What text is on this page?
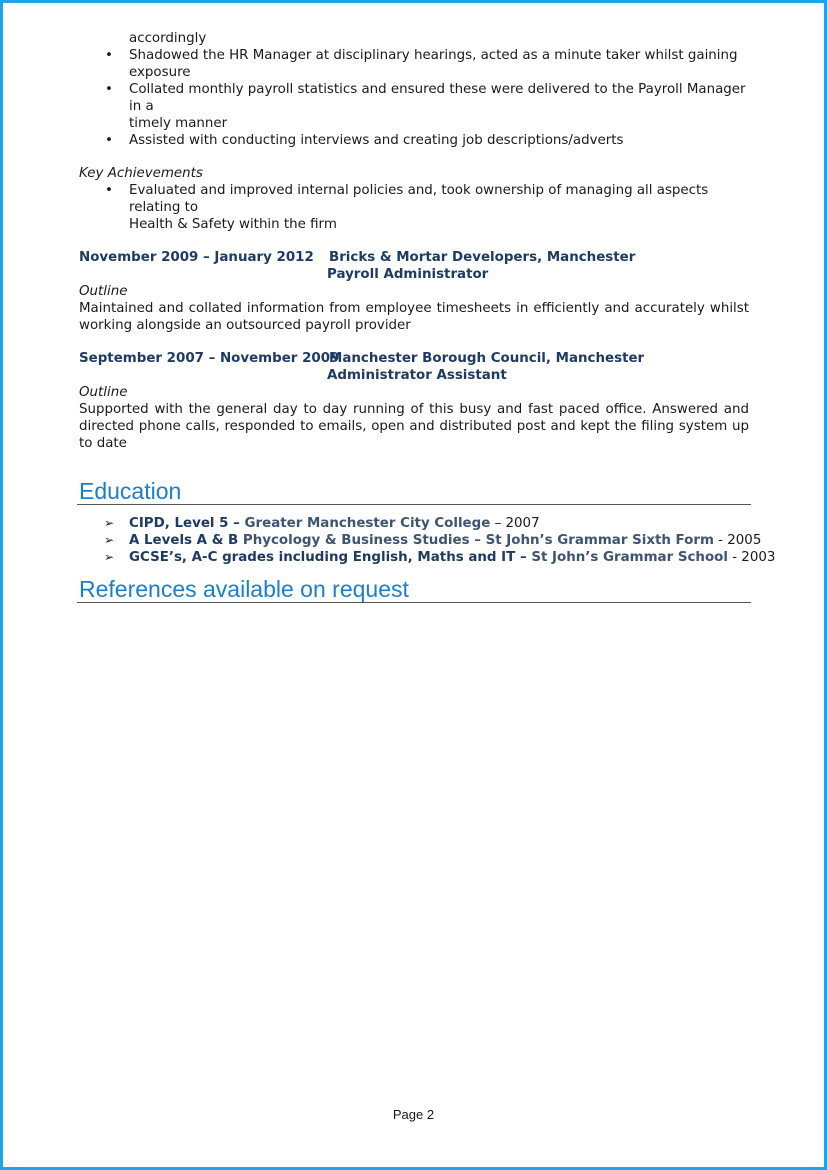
accordingly
• Shadowed the HR Manager at disciplinary hearings, acted as a minute taker whilst gaining exposure
• Collated monthly payroll statistics and ensured these were delivered to the Payroll Manager in a
timely manner
• Assisted with conducting interviews and creating job descriptions/adverts
Key Achievements
• Evaluated and improved internal policies and, took ownership of managing all aspects relating to
Health & Safety within the firm
November 2009 – January 2012 Bricks & Mortar Developers, Manchester
Payroll Administrator
Outline
Maintained and collated information from employee timesheets in efficiently and accurately whilst working alongside an outsourced payroll provider
September 2007 – November 2009
Manchester Borough Council, Manchester
Administrator Assistant
Outline
Supported with the general day to day running of this busy and fast paced office. Answered and directed phone calls, responded to emails, open and distributed post and kept the filing system up to date
Education
➢ CIPD, Level 5 – Greater Manchester City College – 2007
➢ A Levels A & B Phycology & Business Studies – St John’s Grammar Sixth Form - 2005
➢ GCSE’s, A-C grades including English, Maths and IT – St John’s Grammar School - 2003
References available on request
Page 2
